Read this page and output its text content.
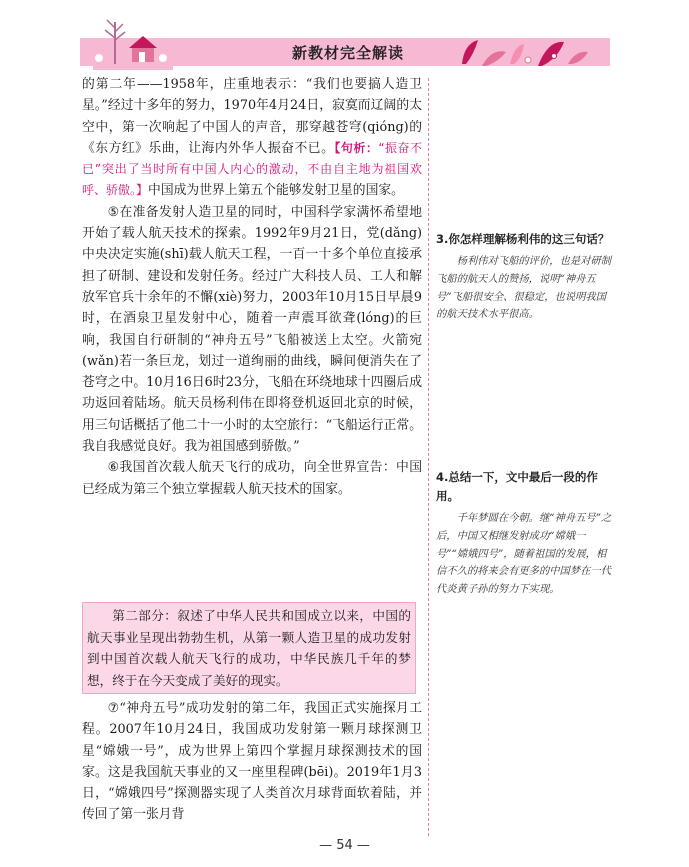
新教材完全解读

的第二年——1958年，庄重地表示：“我们也要搞人造卫星。”经过十多年的努力，1970年4月24日，寂寞而辽阔的太空中，第一次响起了中国人的声音，那穿越苍穹(qióng)的《东方红》乐曲，让海内外华人振奋不已。【句析：“振奋不已”突出了当时所有中国人内心的激动，不由自主地为祖国欢呼、骄傲。】中国成为世界上第五个能够发射卫星的国家。

⑤在准备发射人造卫星的同时，中国科学家满怀希望地开始了载人航天技术的探索。1992年9月21日，党(dǎng)中央决定实施(shī)载人航天工程，一百一十多个单位直接承担了研制、建设和发射任务。经过广大科技人员、工人和解放军官兵十余年的不懈(xiè)努力，2003年10月15日早晨9时，在酒泉卫星发射中心，随着一声震耳欲聋(lóng)的巨响，我国自行研制的“神舟五号”飞船被送上太空。火箭宛(wǎn)若一条巨龙，划过一道绚丽的曲线，瞬间便消失在了苍穹之中。10月16日6时23分，飞船在环绕地球十四圈后成功返回着陆场。航天员杨利伟在即将登机返回北京的时候，用三句话概括了他二十一小时的太空旅行：“飞船运行正常。我自我感觉良好。我为祖国感到骄傲。”

⑥我国首次载人航天飞行的成功，向全世界宣告：中国已经成为第三个独立掌握载人航天技术的国家。

第二部分：叙述了中华人民共和国成立以来，中国的航天事业呈现出勃勃生机，从第一颗人造卫星的成功发射到中国首次载人航天飞行的成功，中华民族几千年的梦想，终于在今天变成了美好的现实。

⑦“神舟五号”成功发射的第二年，我国正式实施探月工程。2007年10月24日，我国成功发射第一颗月球探测卫星“嫦娥一号”，成为世界上第四个掌握月球探测技术的国家。这是我国航天事业的又一座里程碑(bēi)。2019年1月3日，“嫦娥四号”探测器实现了人类首次月球背面软着陆，并传回了第一张月背

3.你怎样理解杨利伟的这三句话？

杨利伟对飞船的评价，也是对研制飞船的航天人的赞扬，说明“神舟五号”飞船很安全、很稳定，也说明我国的航天技术水平很高。

4.总结一下，文中最后一段的作用。

千年梦圆在今朝。继“神舟五号”之后，中国又相继发射成功“嫦娥一号”“嫦娥四号”，随着祖国的发展，相信不久的将来会有更多的中国梦在一代代炎黄子孙的努力下实现。

— 54 —
